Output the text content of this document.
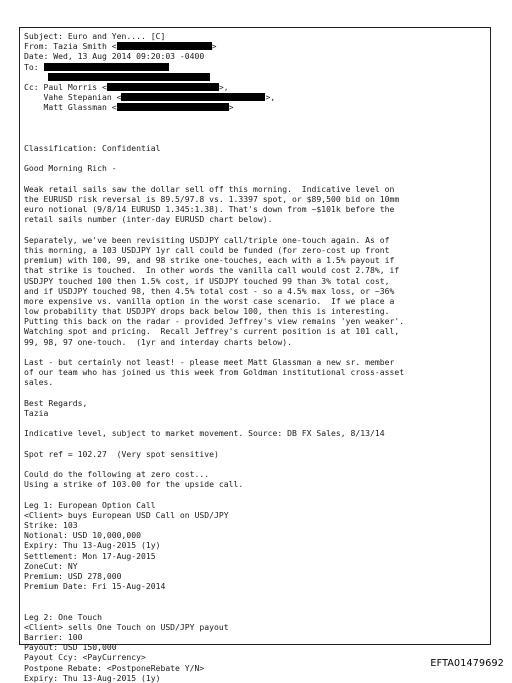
Subject: Euro and Yen.... [C]
From: Tazia Smith <	>
Date: Wed, 13 Aug 2014 09:20:03 -0400
To:
Cc: Paul Morris <	>,
Vahe Stepanian <	>,
Matt Glassman <	>
Classification: Confidential
Good Morning Rich -
Weak retail sails saw the dollar sell off this morning.  Indicative level on
the EURUSD risk reversal is 89.5/97.8 vs. 1.3397 spot, or $89,500 bid on 10mm
euro notional (9/8/14 EURUSD 1.345:1.38). That's down from ~$101k before the
retail sails number (inter-day EURUSD chart below).
Separately, we've been revisiting USDJPY call/triple one-touch again. As of
this morning, a 103 USDJPY 1yr call could be funded (for zero-cost up front
premium) with 100, 99, and 98 strike one-touches, each with a 1.5% payout if
that strike is touched.  In other words the vanilla call would cost 2.78%, if
USDJPY touched 100 then 1.5% cost, if USDJPY touched 99 than 3% total cost,
and if USDJPY touched 98, then 4.5% total cost - so a 4.5% max loss, or ~36%
more expensive vs. vanilla option in the worst case scenario.  If we place a
low probability that USDJPY drops back below 100, then this is interesting.
Putting this back on the radar - provided Jeffrey's view remains 'yen weaker'.
Watching spot and pricing.  Recall Jeffrey's current position is at 101 call,
99, 98, 97 one-touch.  (1yr and interday charts below).
Last - but certainly not least! - please meet Matt Glassman a new sr. member
of our team who has joined us this week from Goldman institutional cross-asset
sales.
Best Regards,
Tazia
Indicative level, subject to market movement. Source: DB FX Sales, 8/13/14
Spot ref = 102.27  (Very spot sensitive)
Could do the following at zero cost...
Using a strike of 103.00 for the upside call.
Leg 1: European Option Call
<Client> buys European USD Call on USD/JPY
Strike: 103
Notional: USD 10,000,000
Expiry: Thu 13-Aug-2015 (1y)
Settlement: Mon 17-Aug-2015
ZoneCut: NY
Premium: USD 278,000
Premium Date: Fri 15-Aug-2014
Leg 2: One Touch
<Client> sells One Touch on USD/JPY payout
Barrier: 100
Payout: USD 150,000
Payout Ccy: <PayCurrency>
Postpone Rebate: <PostponeRebate Y/N>
Expiry: Thu 13-Aug-2015 (1y)
EFTA01479692
